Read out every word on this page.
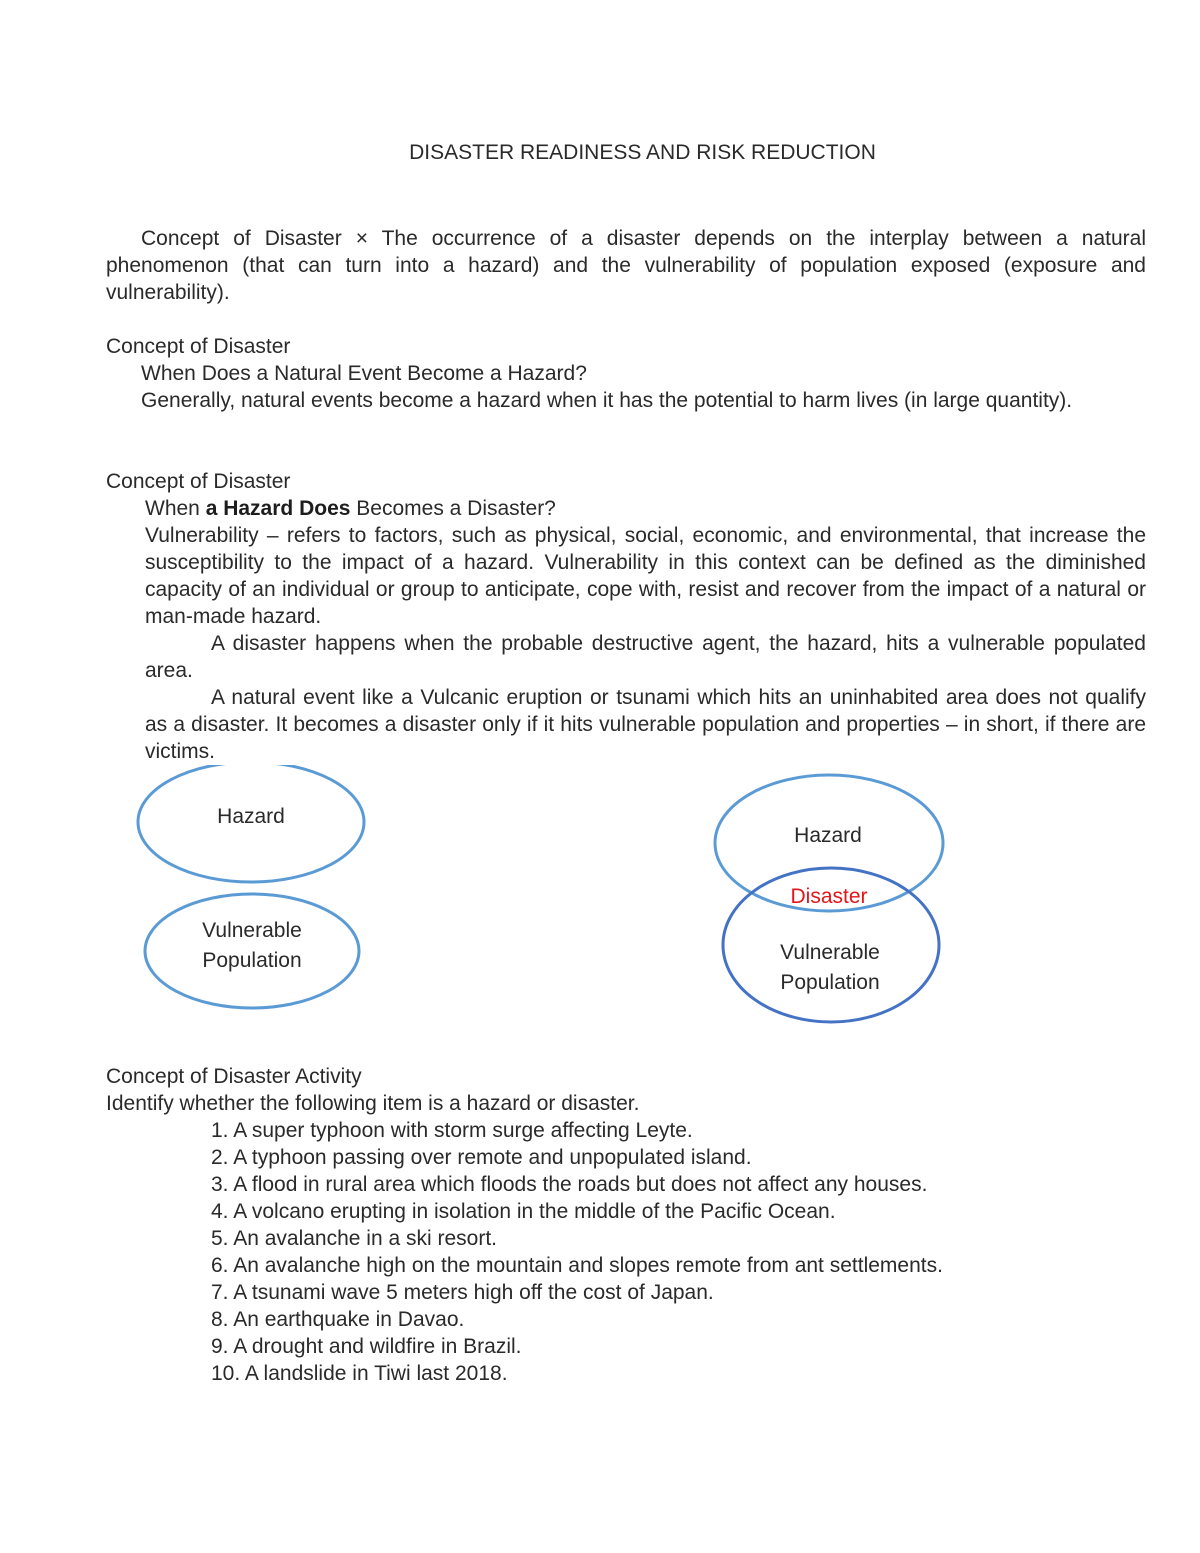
DISASTER READINESS AND RISK REDUCTION

Concept of Disaster × The occurrence of a disaster depends on the interplay between a natural phenomenon (that can turn into a hazard) and the vulnerability of population exposed (exposure and vulnerability).

Concept of Disaster

When Does a Natural Event Become a Hazard?

Generally, natural events become a hazard when it has the potential to harm lives (in large quantity).

Concept of Disaster

When a Hazard Does Becomes a Disaster?

Vulnerability – refers to factors, such as physical, social, economic, and environmental, that increase the susceptibility to the impact of a hazard. Vulnerability in this context can be defined as the diminished capacity of an individual or group to anticipate, cope with, resist and recover from the impact of a natural or man-made hazard.

A disaster happens when the probable destructive agent, the hazard, hits a vulnerable populated area.

A natural event like a Vulcanic eruption or tsunami which hits an uninhabited area does not qualify as a disaster. It becomes a disaster only if it hits vulnerable population and properties – in short, if there are victims.

Hazard
Vulnerable
Population
Hazard
Disaster
Vulnerable
Population

Concept of Disaster Activity

Identify whether the following item is a hazard or disaster.

1. A super typhoon with storm surge affecting Leyte.
2. A typhoon passing over remote and unpopulated island.
3. A flood in rural area which floods the roads but does not affect any houses.
4. A volcano erupting in isolation in the middle of the Pacific Ocean.
5. An avalanche in a ski resort.
6. An avalanche high on the mountain and slopes remote from ant settlements.
7. A tsunami wave 5 meters high off the cost of Japan.
8. An earthquake in Davao.
9. A drought and wildfire in Brazil.
10. A landslide in Tiwi last 2018.
